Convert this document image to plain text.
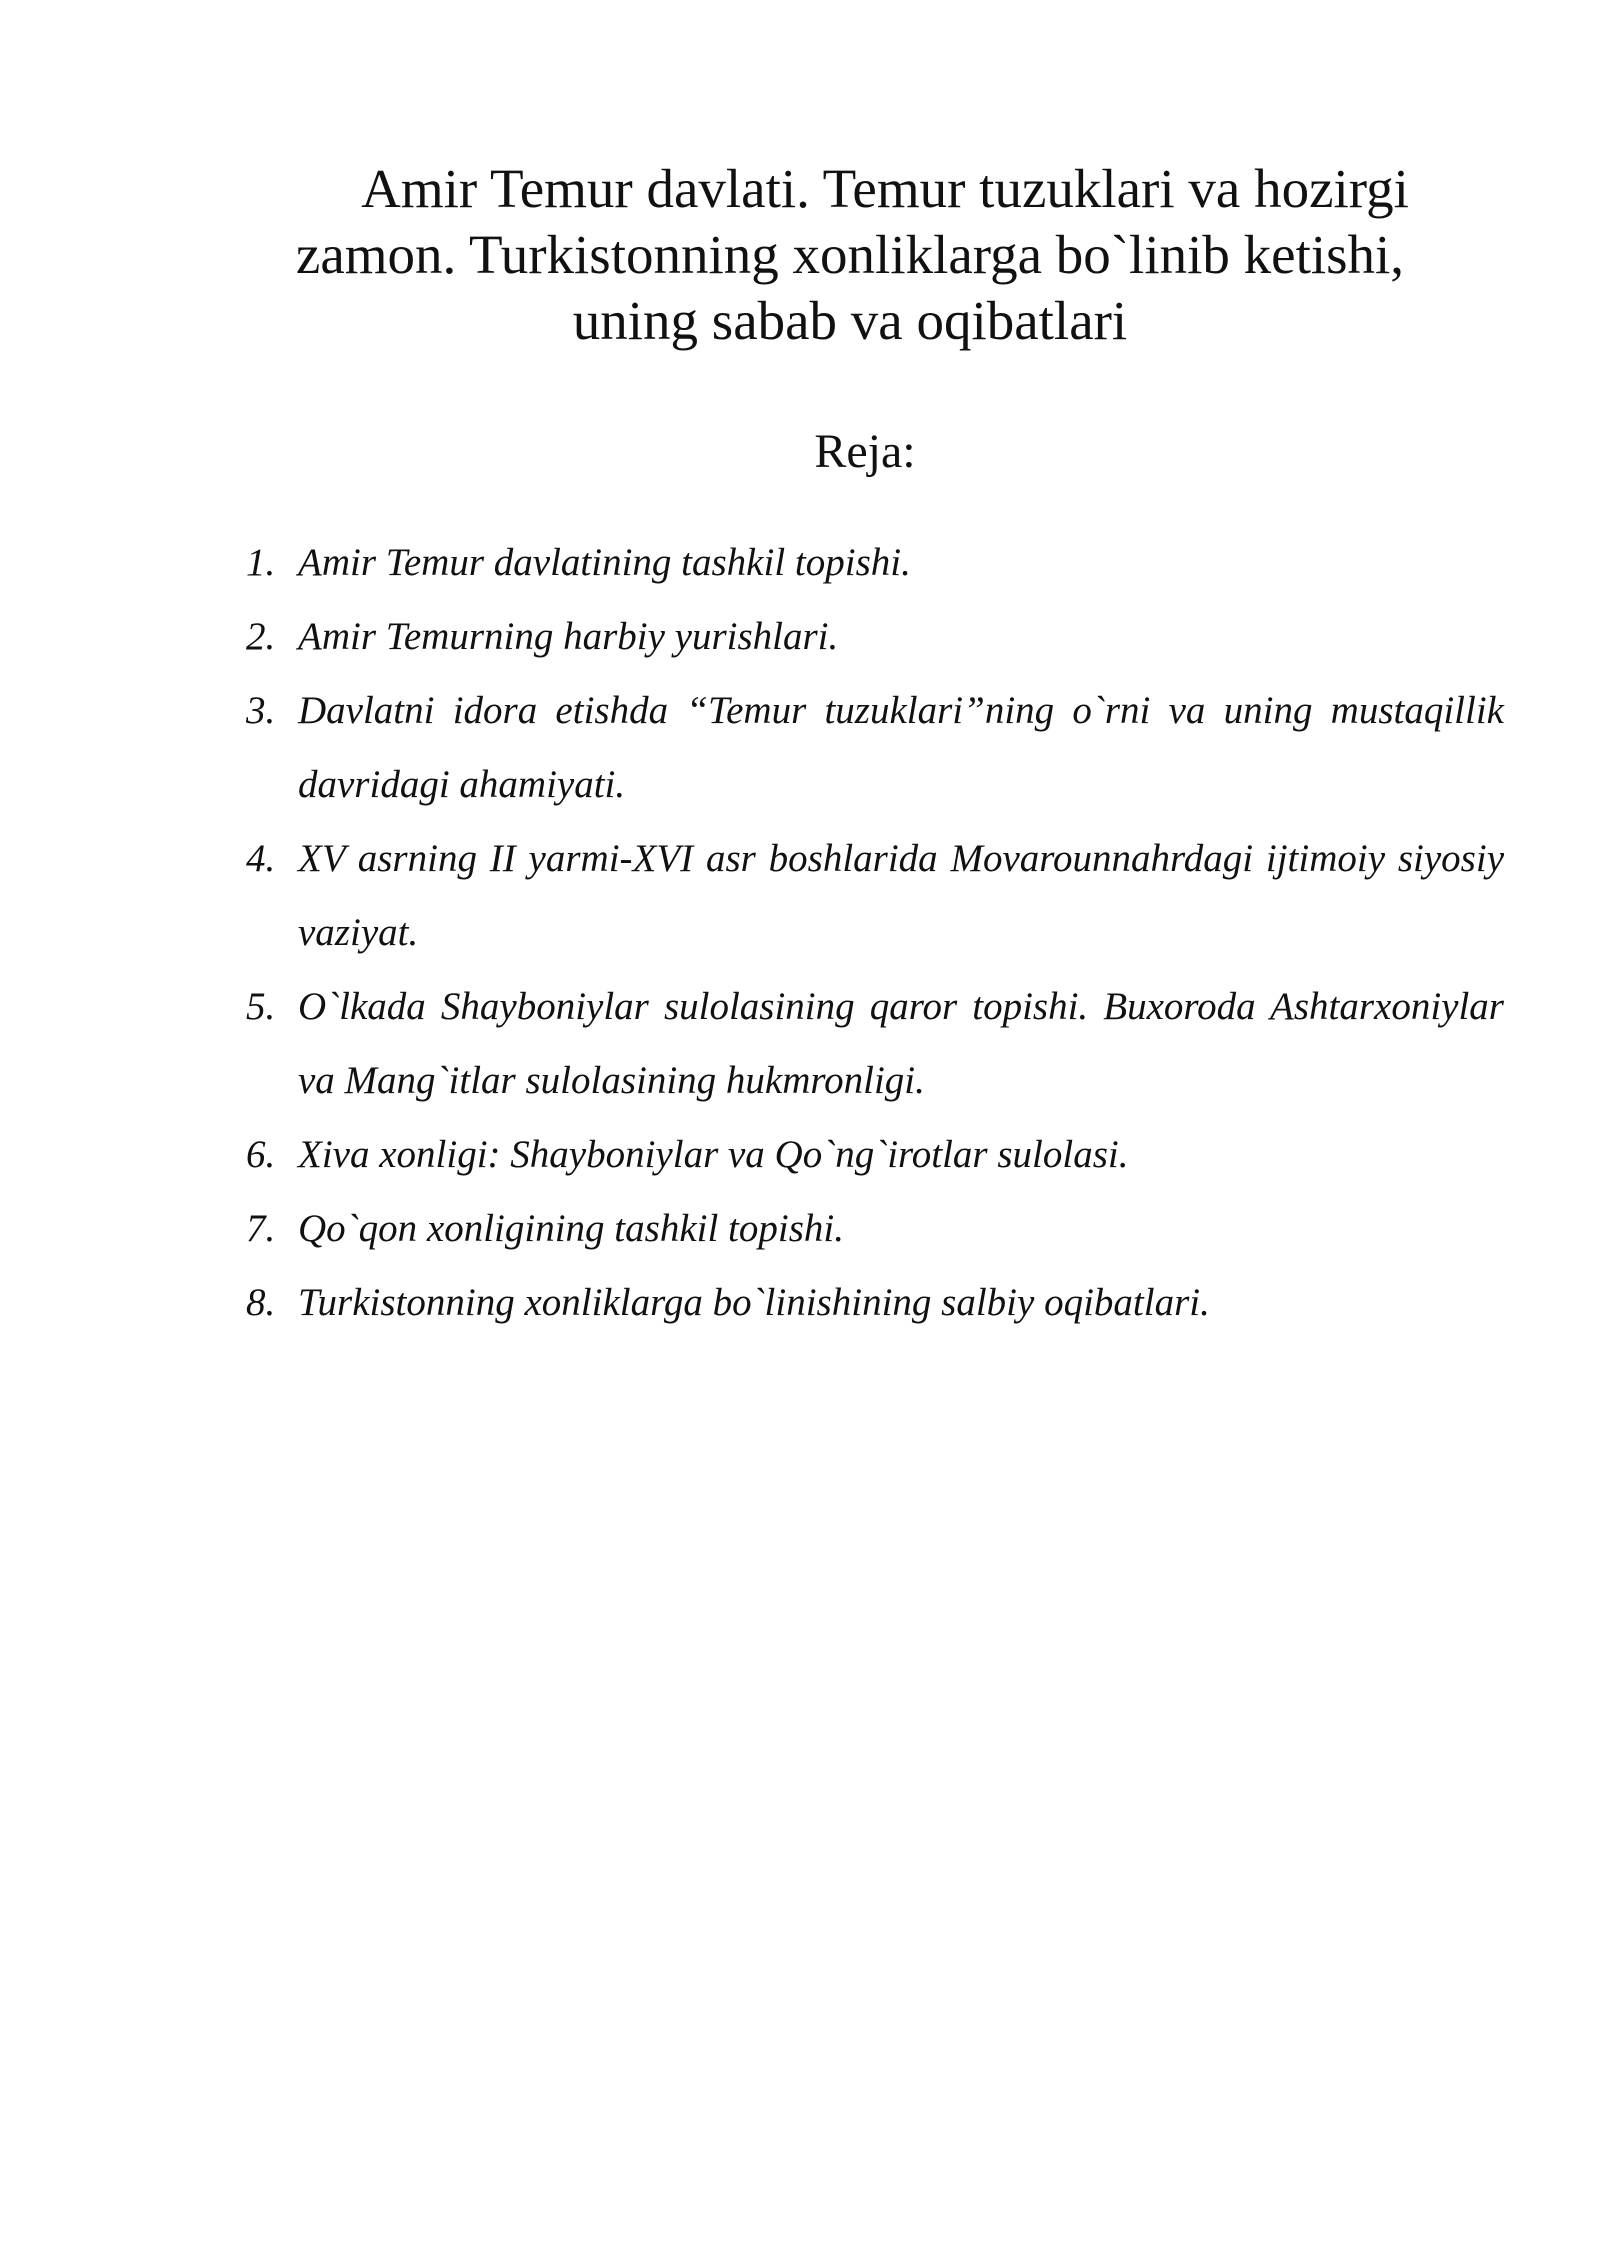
Amir Temur davlati. Temur tuzuklari va hozirgi
zamon. Turkistonning xonliklarga bo`linib ketishi,
uning sabab va oqibatlari
Reja:
1. Amir Temur davlatining tashkil topishi.
2. Amir Temurning harbiy yurishlari.
3. Davlatni idora etishda “Temur tuzuklari”ning o`rni va uning mustaqillik davridagi ahamiyati.
4. XV asrning II yarmi-XVI asr boshlarida Movarounnahrdagi ijtimoiy siyosiy vaziyat.
5. O`lkada Shayboniylar sulolasining qaror topishi. Buxoroda Ashtarxoniylar va Mang`itlar sulolasining hukmronligi.
6. Xiva xonligi: Shayboniylar va Qo`ng`irotlar sulolasi.
7. Qo`qon xonligining tashkil topishi.
8. Turkistonning xonliklarga bo`linishining salbiy oqibatlari.
